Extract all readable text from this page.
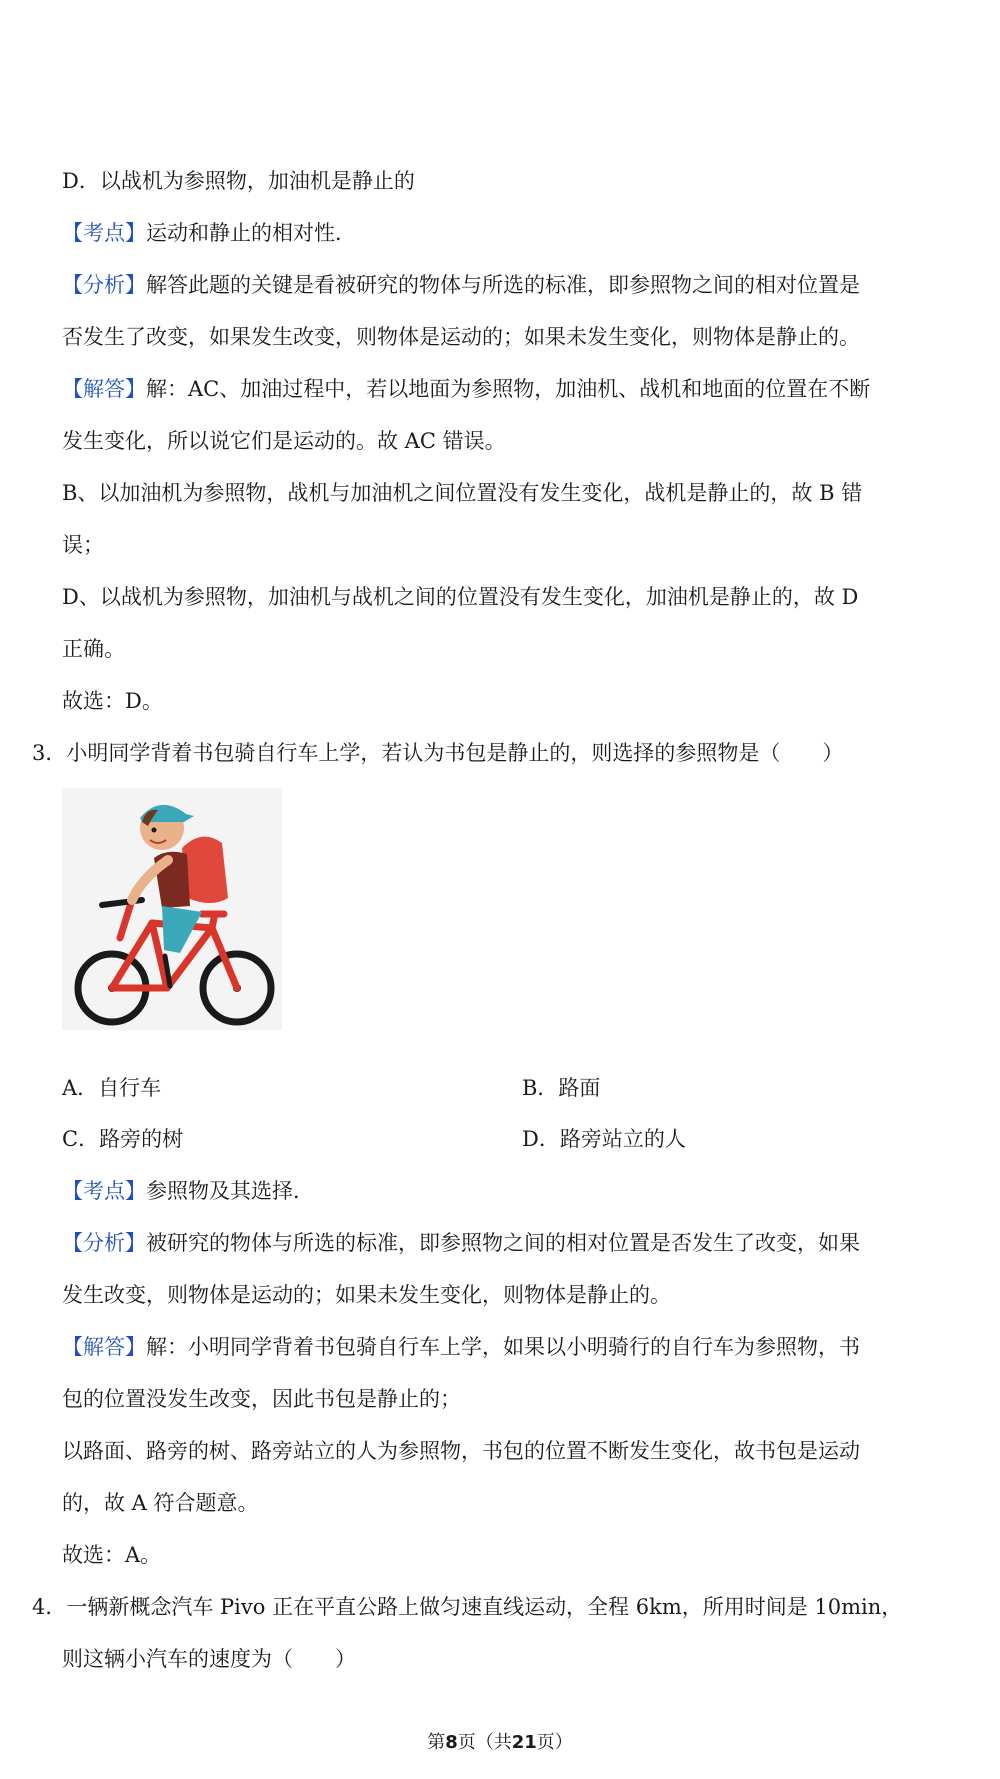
D．以战机为参照物，加油机是静止的
【考点】运动和静止的相对性．
【分析】解答此题的关键是看被研究的物体与所选的标准，即参照物之间的相对位置是
否发生了改变，如果发生改变，则物体是运动的；如果未发生变化，则物体是静止的。
【解答】解：AC、加油过程中，若以地面为参照物，加油机、战机和地面的位置在不断
发生变化，所以说它们是运动的。故 AC 错误。
B、以加油机为参照物，战机与加油机之间位置没有发生变化，战机是静止的，故 B 错
误；
D、以战机为参照物，加油机与战机之间的位置没有发生变化，加油机是静止的，故 D
正确。
故选：D。
3．小明同学背着书包骑自行车上学，若认为书包是静止的，则选择的参照物是（　　）
A．自行车	B．路面
C．路旁的树	D．路旁站立的人
【考点】参照物及其选择．
【分析】被研究的物体与所选的标准，即参照物之间的相对位置是否发生了改变，如果
发生改变，则物体是运动的；如果未发生变化，则物体是静止的。
【解答】解：小明同学背着书包骑自行车上学，如果以小明骑行的自行车为参照物，书
包的位置没发生改变，因此书包是静止的；
以路面、路旁的树、路旁站立的人为参照物，书包的位置不断发生变化，故书包是运动
的，故 A 符合题意。
故选：A。
4．一辆新概念汽车 Pivo 正在平直公路上做匀速直线运动，全程 6km，所用时间是 10min，
则这辆小汽车的速度为（　　）
第8页（共21页）
